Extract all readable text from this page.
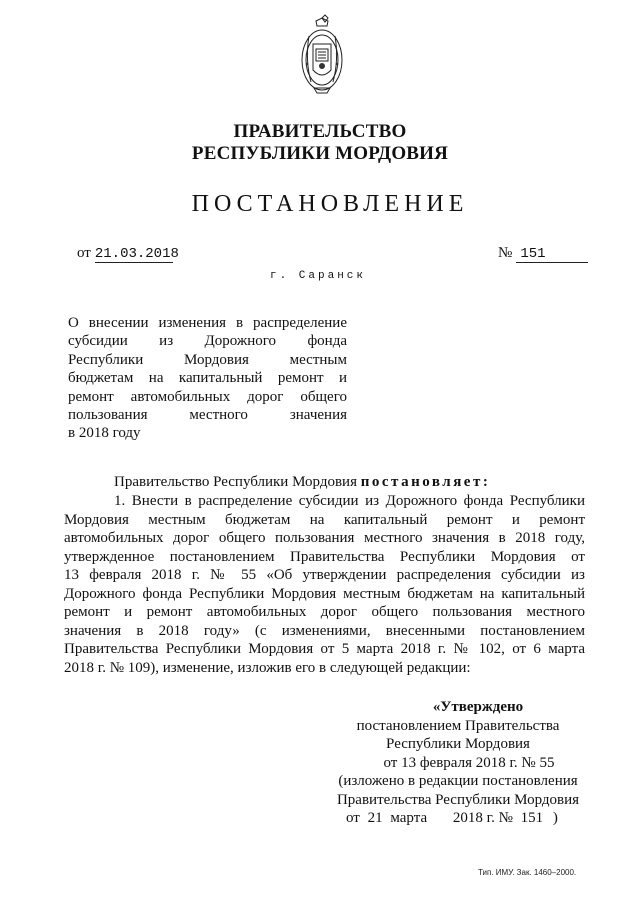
ПРАВИТЕЛЬСТВО
РЕСПУБЛИКИ МОРДОВИЯ
ПОСТАНОВЛЕНИЕ
от 21.03.2018	№ 151
г. Саранск
О внесении изменения в распределение
субсидии из Дорожного фонда
Республики Мордовия местным
бюджетам на капитальный ремонт и
ремонт автомобильных дорог общего
пользования местного значения
в 2018 году
Правительство Республики Мордовия постановляет:
1. Внести в распределение субсидии из Дорожного фонда Республики
Мордовия местным бюджетам на капитальный ремонт и ремонт
автомобильных дорог общего пользования местного значения в 2018 году,
утвержденное постановлением Правительства Республики Мордовия от
13 февраля 2018 г. № 55 «Об утверждении распределения субсидии из
Дорожного фонда Республики Мордовия местным бюджетам на капитальный
ремонт и ремонт автомобильных дорог общего пользования местного
значения в 2018 году» (с изменениями, внесенными постановлением
Правительства Республики Мордовия от 5 марта 2018 г. № 102, от 6 марта
2018 г. № 109), изменение, изложив его в следующей редакции:
«Утверждено
постановлением Правительства
Республики Мордовия
от 13 февраля 2018 г. № 55
(изложено в редакции постановления
Правительства Республики Мордовия
от 21 марта 2018 г. № 151 )
Тип. ИМУ. Зак. 1460–2000.
